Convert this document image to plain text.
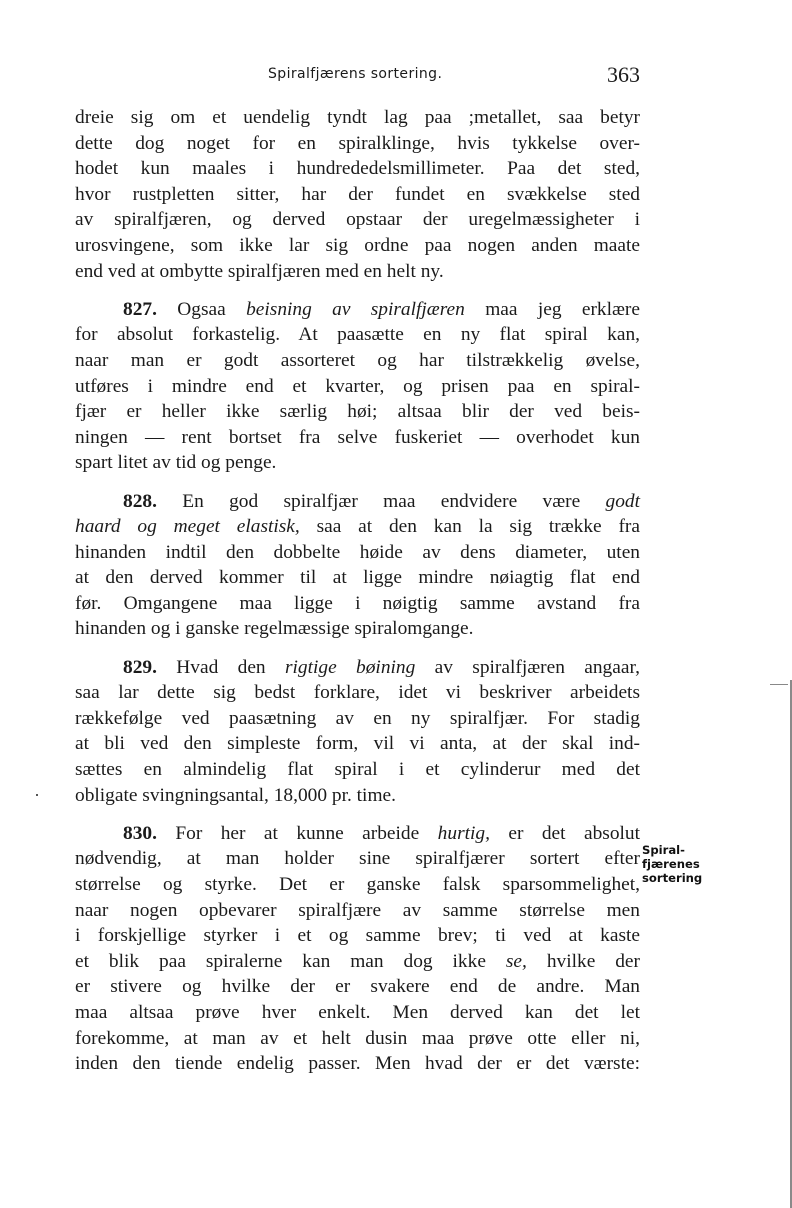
Spiralfjærens sortering.	363
dreie sig om et uendelig tyndt lag paa ;metallet, saa betyr
dette dog noget for en spiralklinge, hvis tykkelse over-
hodet kun maales i hundrededelsmillimeter. Paa det sted,
hvor rustpletten sitter, har der fundet en svækkelse sted
av spiralfjæren, og derved opstaar der uregelmæssigheter i
urosvingene, som ikke lar sig ordne paa nogen anden maate
end ved at ombytte spiralfjæren med en helt ny.
827. Ogsaa beisning av spiralfjæren maa jeg erklære
for absolut forkastelig. At paasætte en ny flat spiral kan,
naar man er godt assorteret og har tilstrækkelig øvelse,
utføres i mindre end et kvarter, og prisen paa en spiral-
fjær er heller ikke særlig høi; altsaa blir der ved beis-
ningen — rent bortset fra selve fuskeriet — overhodet kun
spart litet av tid og penge.
828. En god spiralfjær maa endvidere være godt
haard og meget elastisk, saa at den kan la sig trække fra
hinanden indtil den dobbelte høide av dens diameter, uten
at den derved kommer til at ligge mindre nøiagtig flat end
før. Omgangene maa ligge i nøigtig samme avstand fra
hinanden og i ganske regelmæssige spiralomgange.
829. Hvad den rigtige bøining av spiralfjæren angaar,
saa lar dette sig bedst forklare, idet vi beskriver arbeidets
rækkefølge ved paasætning av en ny spiralfjær. For stadig
at bli ved den simpleste form, vil vi anta, at der skal ind-
sættes en almindelig flat spiral i et cylinderur med det
obligate svingningsantal, 18,000 pr. time.
830. For her at kunne arbeide hurtig, er det absolut
nødvendig, at man holder sine spiralfjærer sortert efter
størrelse og styrke. Det er ganske falsk sparsommelighet,
naar nogen opbevarer spiralfjære av samme størrelse men
i forskjellige styrker i et og samme brev; ti ved at kaste
et blik paa spiralerne kan man dog ikke se, hvilke der
er stivere og hvilke der er svakere end de andre. Man
maa altsaa prøve hver enkelt. Men derved kan det let
forekomme, at man av et helt dusin maa prøve otte eller ni,
inden den tiende endelig passer. Men hvad der er det værste:
Spiral-
fjærenes
sortering
